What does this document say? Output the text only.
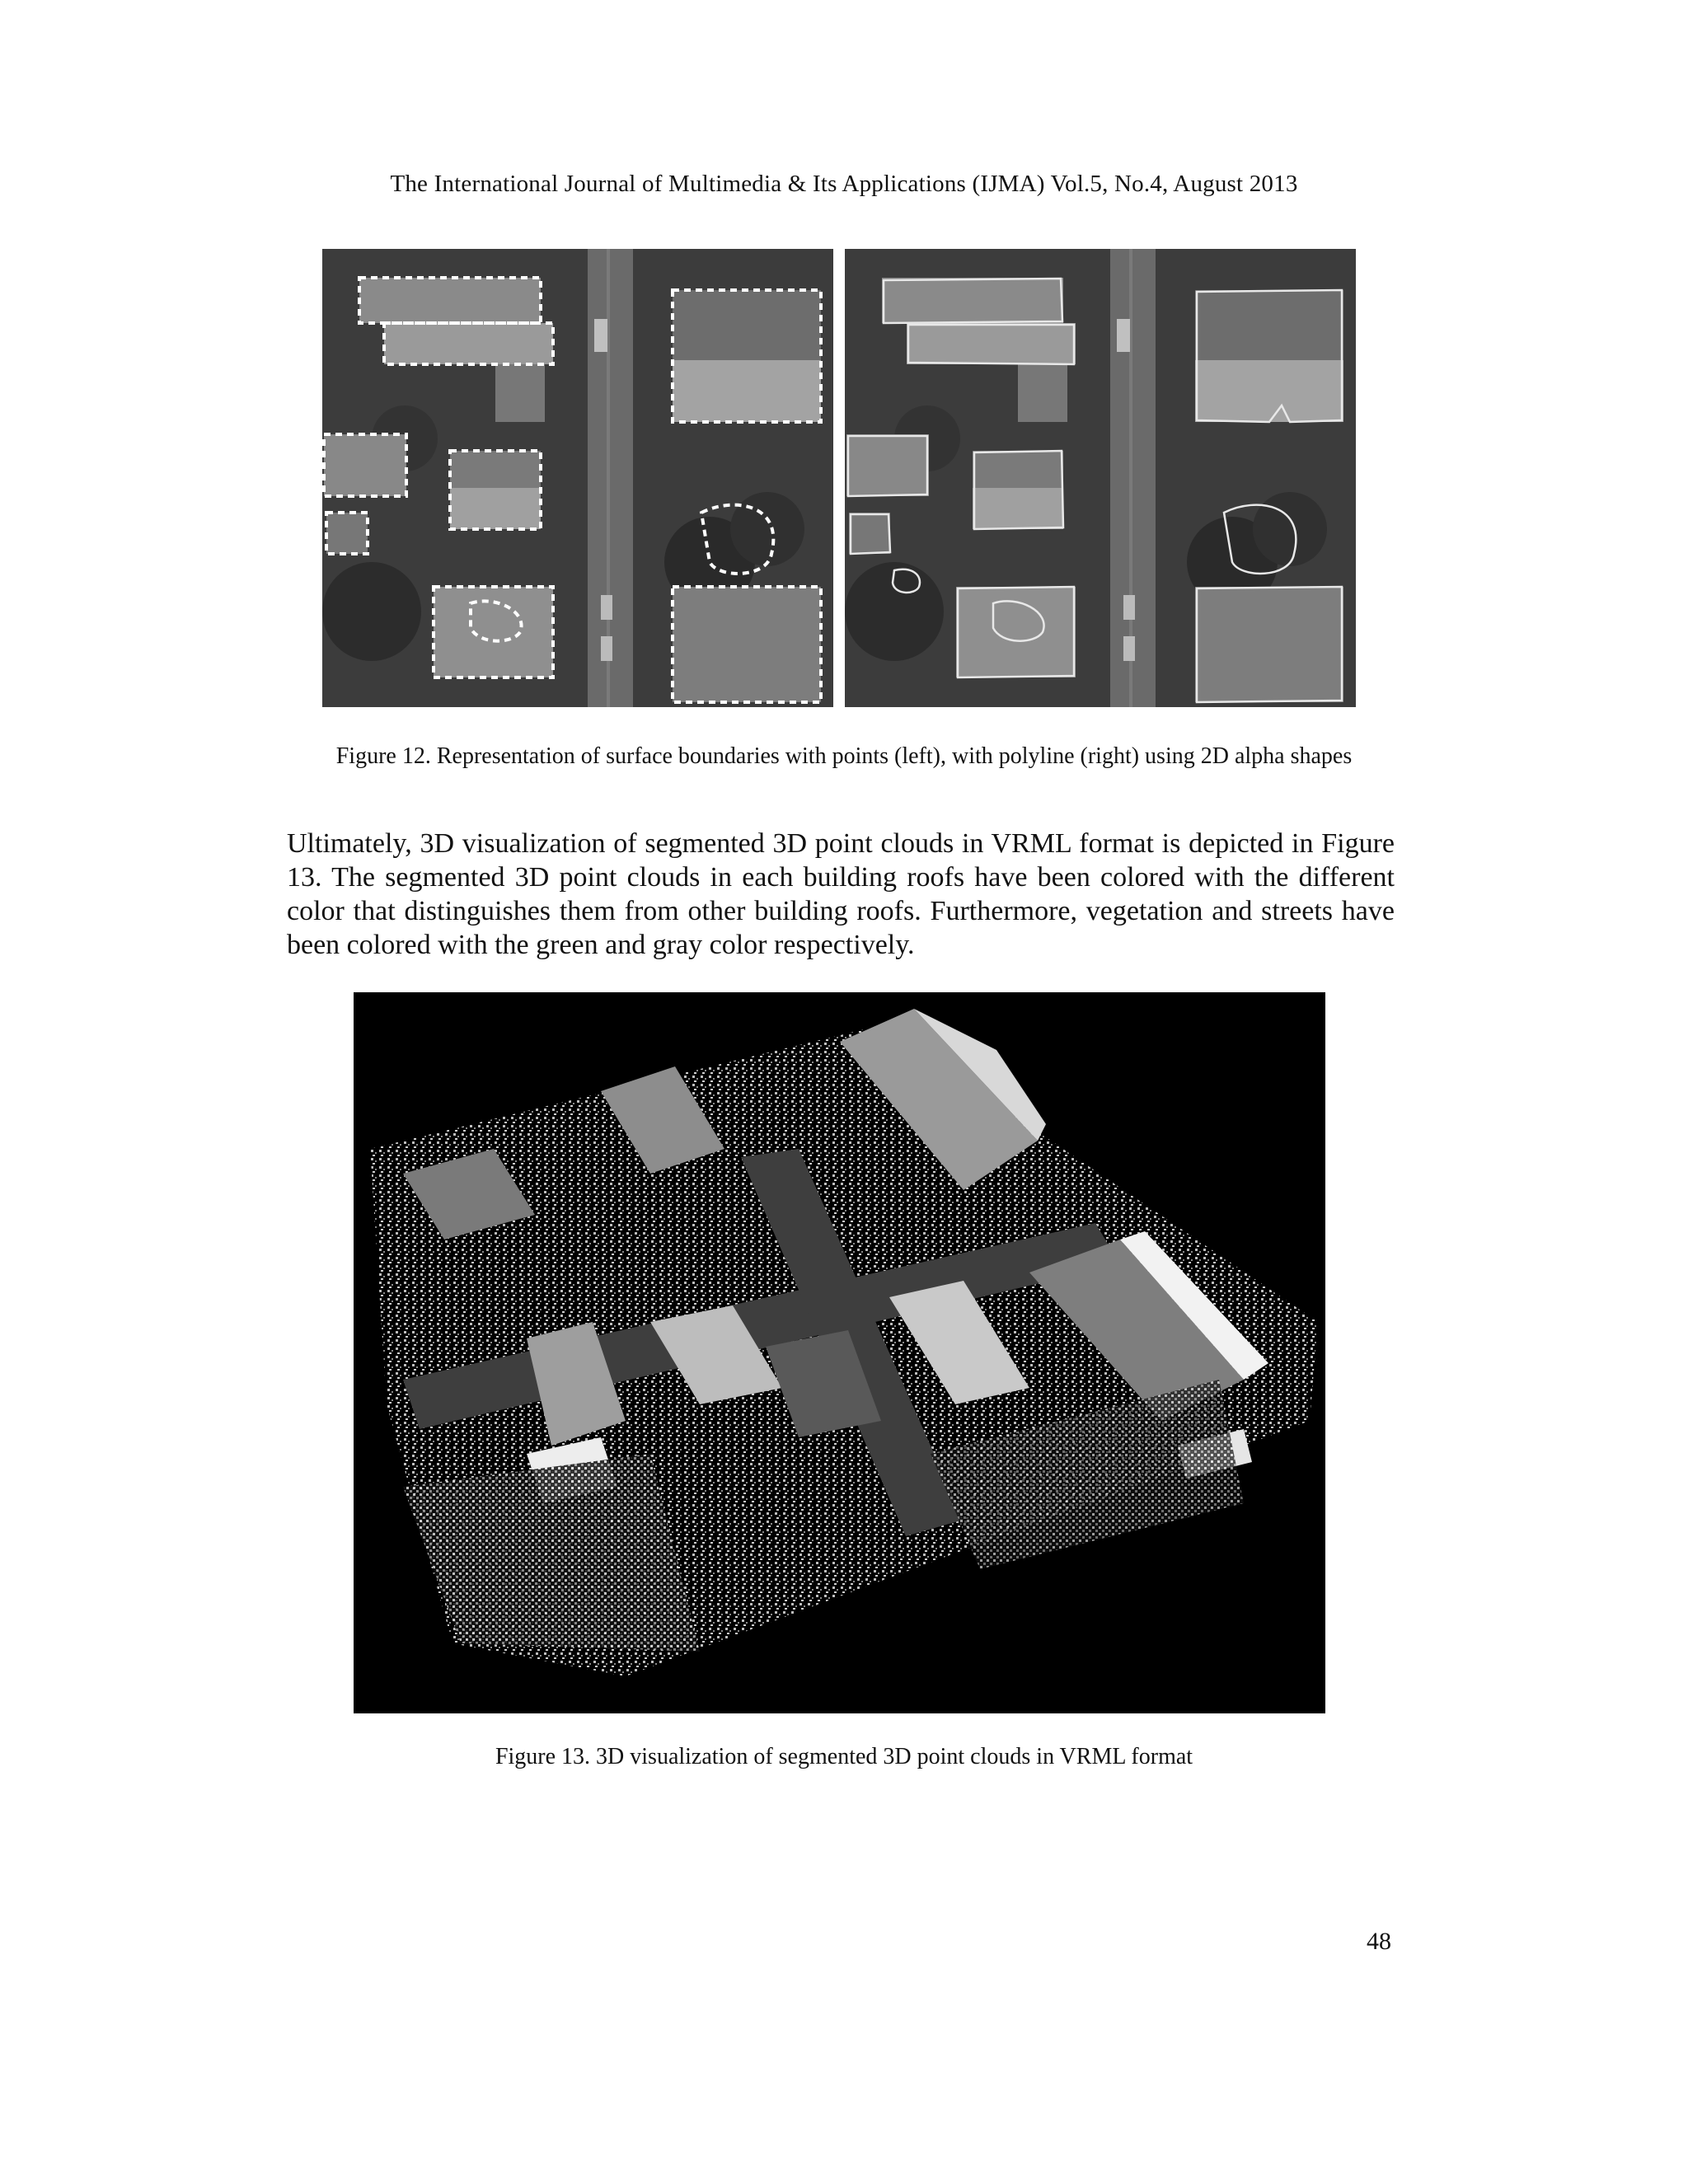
The International Journal of Multimedia & Its Applications (IJMA) Vol.5, No.4, August 2013
Figure 12. Representation of surface boundaries with points (left), with polyline (right) using 2D alpha shapes
Ultimately, 3D visualization of segmented 3D point clouds in VRML format is depicted in Figure 13. The segmented 3D point clouds in each building roofs have been colored with the different color that distinguishes them from other building roofs. Furthermore, vegetation and streets have been colored with the green and gray color respectively.
Figure 13. 3D visualization of segmented 3D point clouds in VRML format
48
